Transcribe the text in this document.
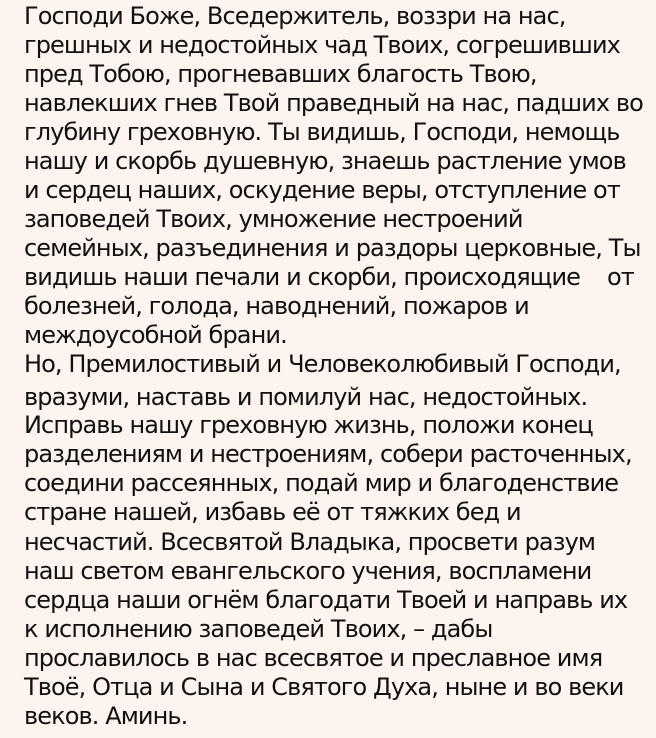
Господи Боже, Вседержитель, воззри на нас,
грешных и недостойных чад Твоих, согрешивших
пред Тобою, прогневавших благость Твою,
навлекших гнев Твой праведный на нас, падших во
глубину греховную. Ты видишь, Господи, немощь
нашу и скорбь душевную, знаешь растление умов
и сердец наших, оскудение веры, отступление от
заповедей Твоих, умножение нестроений
семейных, разъединения и раздоры церковные, Ты
видишь наши печали и скорби, происходящие    от
болезней, голода, наводнений, пожаров и
междоусобной брани.
Но, Премилостивый и Человеколюбивый Господи,
вразуми, наставь и помилуй нас, недостойных.
Исправь нашу греховную жизнь, положи конец
разделениям и нестроениям, собери расточенных,
соедини рассеянных, подай мир и благоденствие
стране нашей, избавь её от тяжких бед и
несчастий. Всесвятой Владыка, просвети разум
наш светом евангельского учения, воспламени
сердца наши огнём благодати Твоей и направь их
к исполнению заповедей Твоих, – дабы
прославилось в нас всесвятое и преславное имя
Твоё, Отца и Сына и Святого Духа, ныне и во веки
веков. Аминь.
